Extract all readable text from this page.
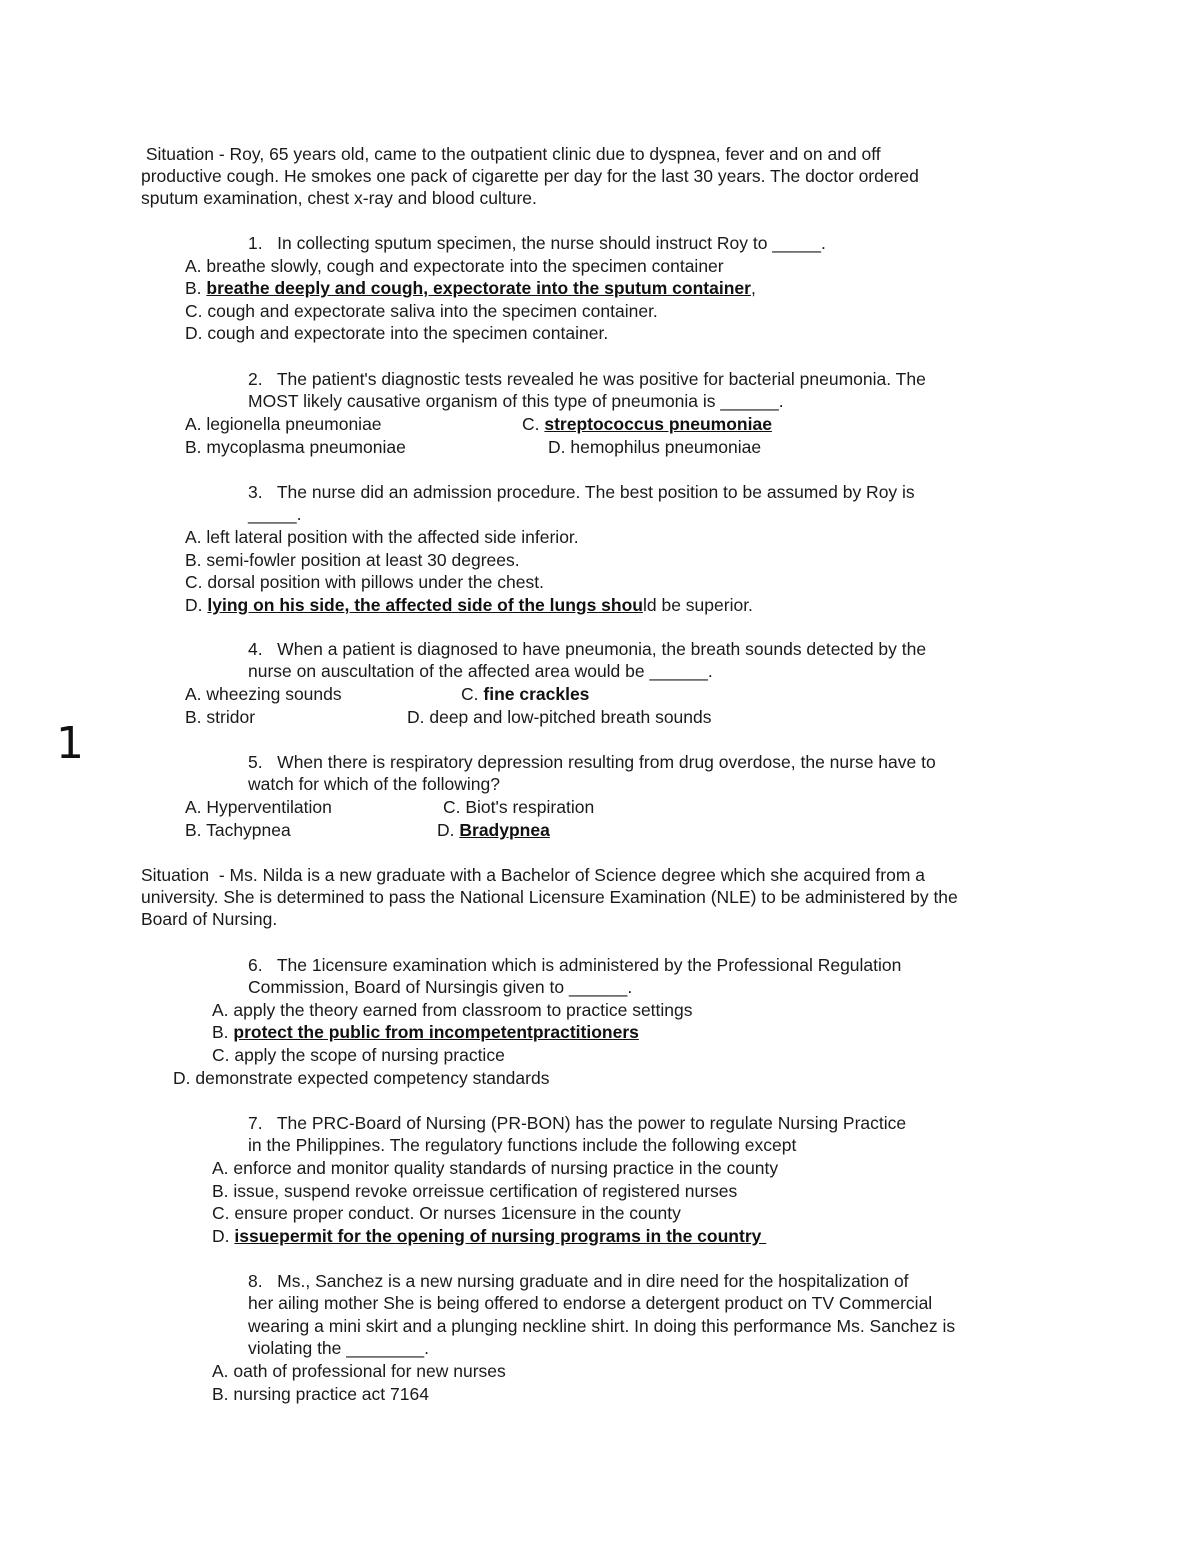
1
Situation - Roy, 65 years old, came to the outpatient clinic due to dyspnea, fever and on and off
productive cough. He smokes one pack of cigarette per day for the last 30 years. The doctor ordered
sputum examination, chest x-ray and blood culture.
1.   In collecting sputum specimen, the nurse should instruct Roy to _____.
A. breathe slowly, cough and expectorate into the specimen container
B. breathe deeply and cough, expectorate into the sputum container,
C. cough and expectorate saliva into the specimen container.
D. cough and expectorate into the specimen container.
2.   The patient's diagnostic tests revealed he was positive for bacterial pneumonia. The
MOST likely causative organism of this type of pneumonia is ______.
A. legionella pneumoniae	C. streptococcus pneumoniae
B. mycoplasma pneumoniae	D. hemophilus pneumoniae
3.   The nurse did an admission procedure. The best position to be assumed by Roy is
_____.
A. left lateral position with the affected side inferior.
B. semi-fowler position at least 30 degrees.
C. dorsal position with pillows under the chest.
D. lying on his side, the affected side of the lungs should be superior.
4.   When a patient is diagnosed to have pneumonia, the breath sounds detected by the
nurse on auscultation of the affected area would be ______.
A. wheezing sounds	C. fine crackles
B. stridor	D. deep and low-pitched breath sounds
5.   When there is respiratory depression resulting from drug overdose, the nurse have to
watch for which of the following?
A. Hyperventilation	C. Biot's respiration
B. Tachypnea	D. Bradypnea
Situation  - Ms. Nilda is a new graduate with a Bachelor of Science degree which she acquired from a
university. She is determined to pass the National Licensure Examination (NLE) to be administered by the
Board of Nursing.
6.   The 1icensure examination which is administered by the Professional Regulation
Commission, Board of Nursingis given to ______.
A. apply the theory earned from classroom to practice settings
B. protect the public from incompetentpractitioners
C. apply the scope of nursing practice
D. demonstrate expected competency standards
7.   The PRC-Board of Nursing (PR-BON) has the power to regulate Nursing Practice
in the Philippines. The regulatory functions include the following except
A. enforce and monitor quality standards of nursing practice in the county
B. issue, suspend revoke orreissue certification of registered nurses
C. ensure proper conduct. Or nurses 1icensure in the county
D. issuepermit for the opening of nursing programs in the country
8.   Ms., Sanchez is a new nursing graduate and in dire need for the hospitalization of
her ailing mother She is being offered to endorse a detergent product on TV Commercial
wearing a mini skirt and a plunging neckline shirt. In doing this performance Ms. Sanchez is
violating the ________.
A. oath of professional for new nurses
B. nursing practice act 7164
